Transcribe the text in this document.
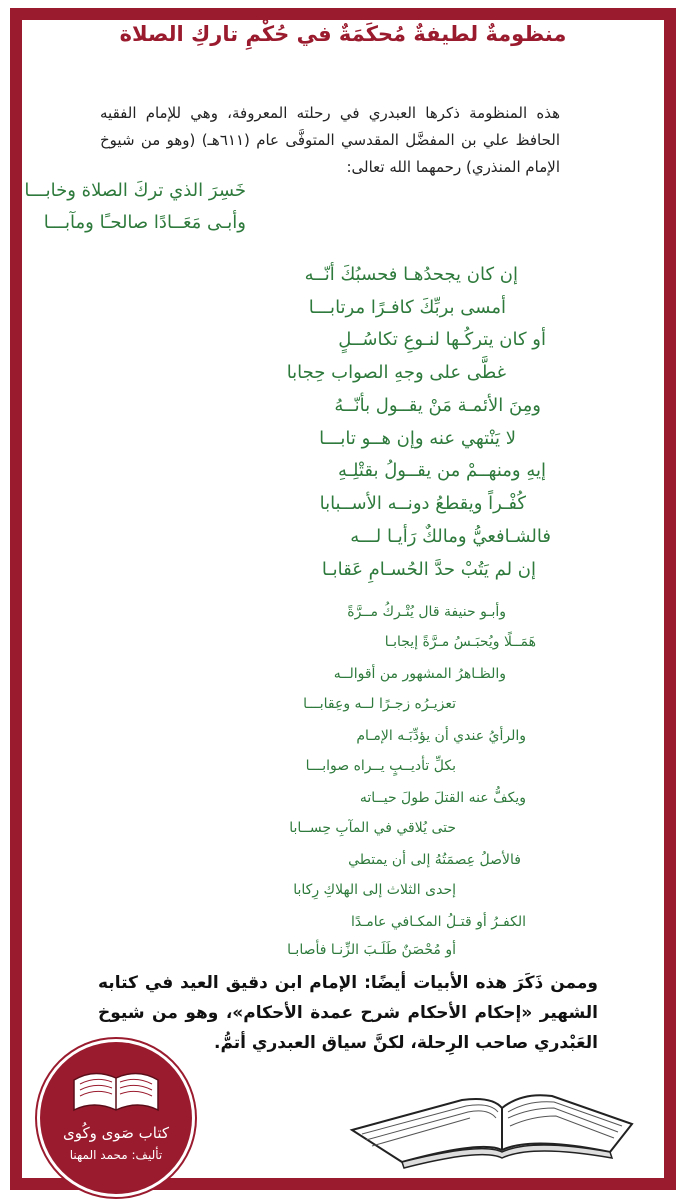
منظومةٌ لطيفةٌ مُحكَمَةٌ في حُكْمِ تاركِ الصلاة
هذه المنظومة ذكرها العبدري في رحلته المعروفة، وهي للإمام الفقيه الحافظ علي بن المفضَّل المقدسي المتوفَّى عام (٦١١هـ) (وهو من شيوخ الإمام المنذري) رحمهما الله تعالى:
خَسِرَ الذي تركَ الصلاة وخابـــا
وأبـى مَعَــادًا صالحـًا ومآبـــا
إن كان يجحدُهـا فحسبُكَ أنّــه
أمسى بربِّكَ كافـرًا مرتابـــا
أو كان يتركُـها لنـوعِ تكاسُــلٍ
غطَّى على وجهِ الصواب حِجابا
ومِنَ الأئمـة مَنْ يقــول بأنّــهُ
لا يَنْتهي عنه وإن هــو تابـــا
إيهِ ومنهــمْ من يقــولُ بقتْلِـهِ
كُفْـراً ويقطعُ دونــه الأســبابا
فالشـافعيُّ ومالكٌ رَأيـا لـــه
إن لم يَتُبْ حدَّ الحُسـامِ عَقابـا
وأبـو حنيفة قال يُتْـركُ مــرَّةً
هَمَــلًا ويُحبَـسُ مـرَّةً إيجابـا
والظـاهرُ المشهور من أقوالــه
تعزيـرُه زجـرًا لــه وعِقابـــا
والرأيُ عندي أن يؤدِّبَـه الإمـام
بكلِّ تأديــبٍ يــراه صوابـــا
ويكفُّ عنه القتلَ طولَ حيــاته
حتى يُلاقي في المآبِ حِســابا
فالأصلُ عِصمَتُهُ إلى أن يمتطي
إحدى الثلاث إلى الهلاكِ رِكابا
الكفـرُ أو قتـلُ المكـافي عامـدًا
أو مُحْصَنٌ طَلَـبَ الزِّنـا فأصابـا
وممن ذَكَرَ هذه الأبيات أيضًا: الإمام ابن دقيق العيد في كتابه الشهير «إحكام الأحكام شرح عمدة الأحكام»، وهو من شيوخ العَبْدري صاحب الرِحلة، لكنَّ سياق العبدري أتمُّ.
كتاب صَوى وكُوى
تأليف: محمد المهنا
